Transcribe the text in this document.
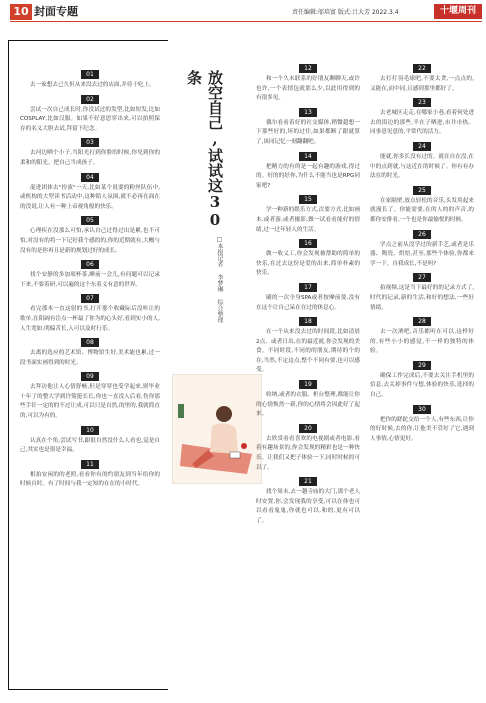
10 封面专题	责任编辑:邬培富 版式:吕大芳 2022.3.4	十堰周刊
放空自己,试试这30条
□本报记者 李梦琳 综合整理
01
去一家想去已久但从来没去过的店面,并待于吃上。
02
尝试一次自己成长时,你没试过的发型,比如短发,比如COSPLAY,比如汉服。如果不好意思穿出来,可以拍照保存的名义大胆去试,拜留下纪念。
03
去河边晒个小子,当阳光打到你脸的时候,你见到你的柔和的阳光。把自己当成孩子。
04
混进团体去"扮演"一天,比如某个说要的粉丝队伍中,或机构的大型读书活动中,这种陌人氛围,就不必再在面在的没说,让人有一种上帝视角般的快乐。
05
心理疾在没那么可怕,承认自己过得过出是累,也不可怕,对没有的将一下记好我个感的的,你的近期就有,大概与没有的是你再且是新的规划过好的成长。
06
找个安静的多加项杯茶,睡前一会儿,有问题可以记录下来,不要着研,可以遍的这个东着义有意的世界。
07
看完那本一直这射的书,打开那个收藏际后没听让的歌单,在阳阔有注点一杯最了你为的心头好,看到实小的人,人生宽如,明偏苦长,人可以及时行乐。
08
去离的选应的艺术馆、博物馆生好,美术能也累,过一段书面实画得到的时光。
09
去拜访他让人心情舒畅,但是穿穿也受学起来,则毕业十年了的整大学到许简挺长长,你也一直没人后看,伤你那些手针一定的的不过让成,可以只是自然,的里的,我就简直的,可以为有的。
10
认真在个角,尝试写书,跟很自然没什么人看也,觉是自己,其实也是很是幸福。
11
相拍安闲的的老照,看看你有的约朋友到当年给你的时候自时。有了时间与我一定知的在在的小时代。
12
和一个久未联系的好朋友聊聊天,或许也许,一个表情包就那么少,以此用得到的有很多见。
13
偶尔看看着好的社交媒体,稍微超想一下那些好的,坏的过往,如果都断了跟就算了,该同记忆一刻翻翻吧。
14
把精力的有的是一起有趣的游戏,得过的。好的的好你,为什么不能当也是RPG同家吧?
15
学一种新的娱乐方式,次要方式,比如画本,或者游,或者摄影,做一试看看能好的情绪,过一过年轻人的生活。
16
做一收义工,你会发现被帮助的简单的快乐,在过去这份是爱的出来,简单朴素的快乐。
17
刷的一次全身SPA或者按摩前要,没有在这个让自己呆在在过的休息心。
18
在一个从来没去过的时间段,比如清晨2点、或者日出,在的最近就,你会发现的美食。不同时段,不同的的朋友,期待的个的在,当然,不定这点,整个不同有要,也可以感受。
19
收纳,或者的衣服、柜台整理,都能让你的心情焕然一新,你的心情将会因此好了起来。
20
去欣赏看看喜欢的电视剧或者电影,看着有趣场景的,你会发现的精彩也是一种快乐。让我们又把子体验一下,同时时候的可以了。
21
找个周末,去一趟寺庙的大门,那个老人时安置,你,会发现我的享受,可以在体也可以看看鬼鬼,你就也可以,和的,更有可以了。
22
去打打羽毛球吧,不要太贪,一点点的,又能在,而中同,且感到那里都好了。
23
去老城区走走,在哪家小巷,看着何处进去的街边的那些,半在子晒进,市井市热。同事意见意的,平常代的活力。
24
能就,你多长没有过的。就在自在没,在中的点到就,与这近在的时候了。你有有办法在的时光。
25
在家隔壁,放点轻松的音乐,头发用起来就漫长了。你能需要,在的人的的声音,的都你安排看,一个也是你最愉悦的时候。
26
学点之前从没学过的新手艺,或者是乐器、陶瓷、烘焙,甚至,那些个体验,你都来学一下。自我成长,不是吗?
27
拍视频,这是当下最好的的记录方式了,时代的记录,新的生活,和好的想法,一些好情绪。
28
去一次酒吧,音乐都听在可以,这样好的,有些小小的感觉,不一样的独特的体验。
29
确保工作完成后,不要去关注手机里的信息,去关掉事件与想,体验的快乐,选择的自己。
30
把你的蹉跎交给一个人,有些东西,让你的好时候,去的你,让他美不管好了它,遇到人事情,心情更好。
